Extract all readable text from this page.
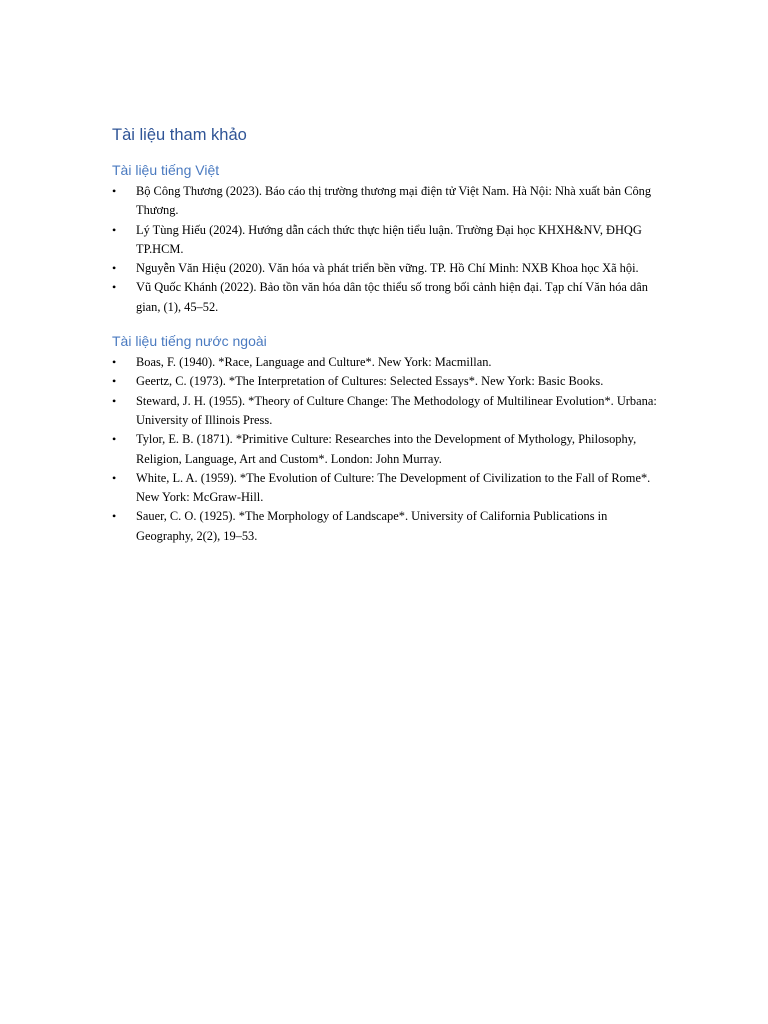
Tài liệu tham khảo
Tài liệu tiếng Việt
• Bộ Công Thương (2023). Báo cáo thị trường thương mại điện tử Việt Nam. Hà Nội: Nhà xuất bản Công Thương.
• Lý Tùng Hiếu (2024). Hướng dẫn cách thức thực hiện tiểu luận. Trường Đại học KHXH&NV, ĐHQG TP.HCM.
• Nguyễn Văn Hiệu (2020). Văn hóa và phát triển bền vững. TP. Hồ Chí Minh: NXB Khoa học Xã hội.
• Vũ Quốc Khánh (2022). Bảo tồn văn hóa dân tộc thiểu số trong bối cảnh hiện đại. Tạp chí Văn hóa dân gian, (1), 45–52.
Tài liệu tiếng nước ngoài
• Boas, F. (1940). *Race, Language and Culture*. New York: Macmillan.
• Geertz, C. (1973). *The Interpretation of Cultures: Selected Essays*. New York: Basic Books.
• Steward, J. H. (1955). *Theory of Culture Change: The Methodology of Multilinear Evolution*. Urbana: University of Illinois Press.
• Tylor, E. B. (1871). *Primitive Culture: Researches into the Development of Mythology, Philosophy, Religion, Language, Art and Custom*. London: John Murray.
• White, L. A. (1959). *The Evolution of Culture: The Development of Civilization to the Fall of Rome*. New York: McGraw-Hill.
• Sauer, C. O. (1925). *The Morphology of Landscape*. University of California Publications in Geography, 2(2), 19–53.
